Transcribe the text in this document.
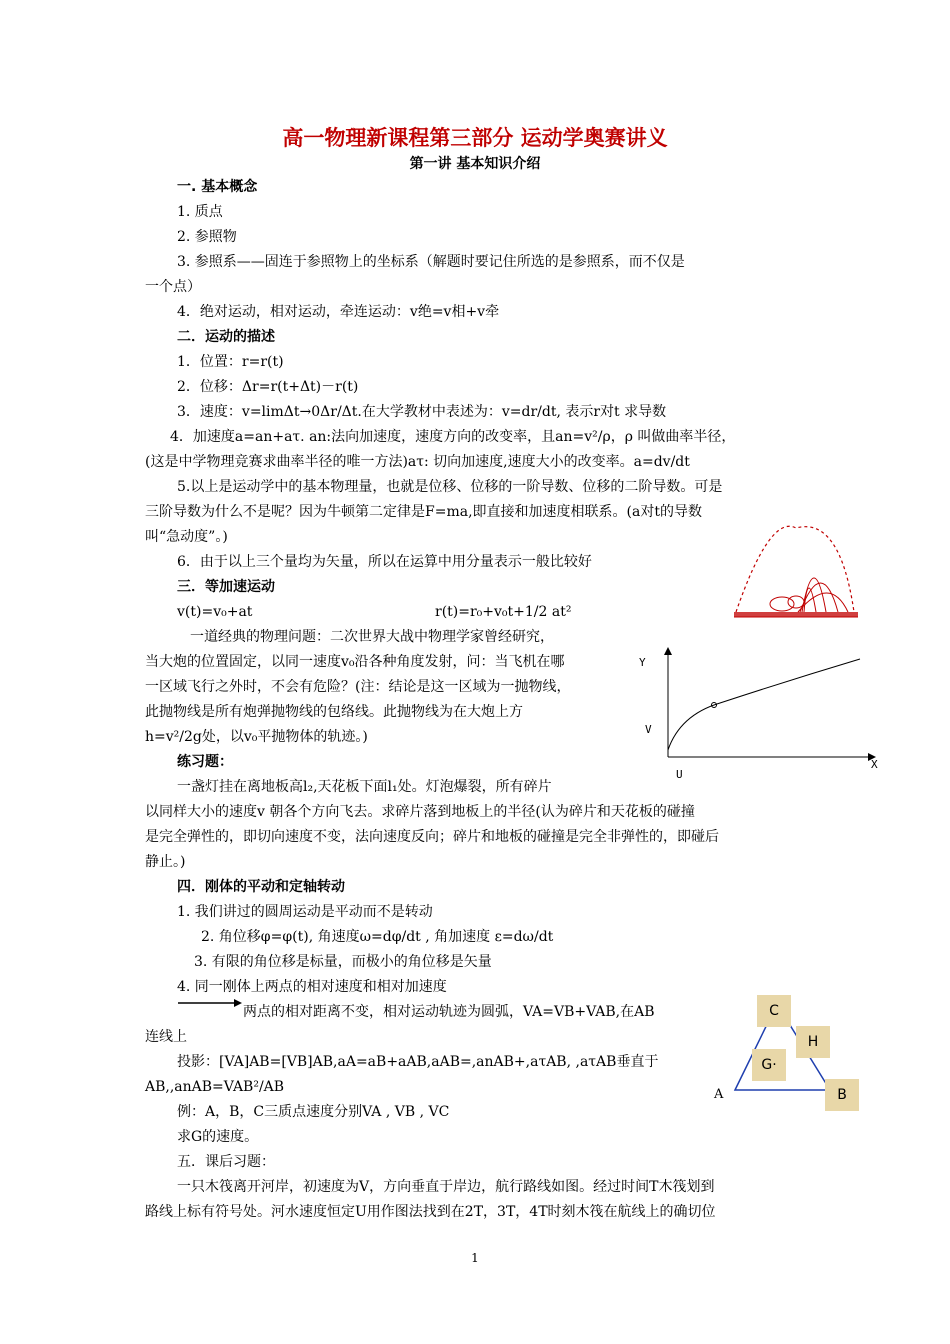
高一物理新课程第三部分 运动学奥赛讲义
第一讲 基本知识介绍
一. 基本概念
1. 质点
2. 参照物
3. 参照系——固连于参照物上的坐标系（解题时要记住所选的是参照系，而不仅是
一个点）
4．绝对运动，相对运动，牵连运动：v绝=v相+v牵
二．运动的描述
1．位置：r=r(t)
2．位移：Δr=r(t+Δt)－r(t)
3．速度：v=limΔt→0Δr/Δt.在大学教材中表述为：v=dr/dt, 表示r对t 求导数
4．加速度a=an+aτ. an:法向加速度，速度方向的改变率，且an=v²/ρ，ρ 叫做曲率半径，
(这是中学物理竞赛求曲率半径的唯一方法)aτ: 切向加速度,速度大小的改变率。a=dv/dt
5.以上是运动学中的基本物理量，也就是位移、位移的一阶导数、位移的二阶导数。可是
三阶导数为什么不是呢？因为牛顿第二定律是F=ma,即直接和加速度相联系。(a对t的导数
叫“急动度”。)
6．由于以上三个量均为矢量，所以在运算中用分量表示一般比较好
三．等加速运动
v(t)=v₀+at	r(t)=r₀+v₀t+1/2 at²
一道经典的物理问题：二次世界大战中物理学家曾经研究，
当大炮的位置固定，以同一速度v₀沿各种角度发射，问：当飞机在哪
一区域飞行之外时，不会有危险？(注：结论是这一区域为一抛物线，
此抛物线是所有炮弹抛物线的包络线。此抛物线为在大炮上方
h=v²/2g处，以v₀平抛物体的轨迹。)
练习题：
一盏灯挂在离地板高l₂,天花板下面l₁处。灯泡爆裂，所有碎片
以同样大小的速度v 朝各个方向飞去。求碎片落到地板上的半径(认为碎片和天花板的碰撞
是完全弹性的，即切向速度不变，法向速度反向；碎片和地板的碰撞是完全非弹性的，即碰后
静止。)
四．刚体的平动和定轴转动
1. 我们讲过的圆周运动是平动而不是转动
2. 角位移φ=φ(t), 角速度ω=dφ/dt , 角加速度 ε=dω/dt
3. 有限的角位移是标量，而极小的角位移是矢量
4. 同一刚体上两点的相对速度和相对加速度
两点的相对距离不变，相对运动轨迹为圆弧，VA=VB+VAB,在AB
连线上
投影：[VA]AB=[VB]AB,aA=aB+aAB,aAB=,anAB+,aτAB, ,aτAB垂直于
AB,,anAB=VAB²/AB
例：A，B，C三质点速度分别VA , VB , VC
求G的速度。
五．课后习题：
一只木筏离开河岸，初速度为V，方向垂直于岸边，航行路线如图。经过时间T木筏划到
路线上标有符号处。河水速度恒定U用作图法找到在2T，3T，4T时刻木筏在航线上的确切位
Y
V
U
X
C
H
G·
A	B
1
